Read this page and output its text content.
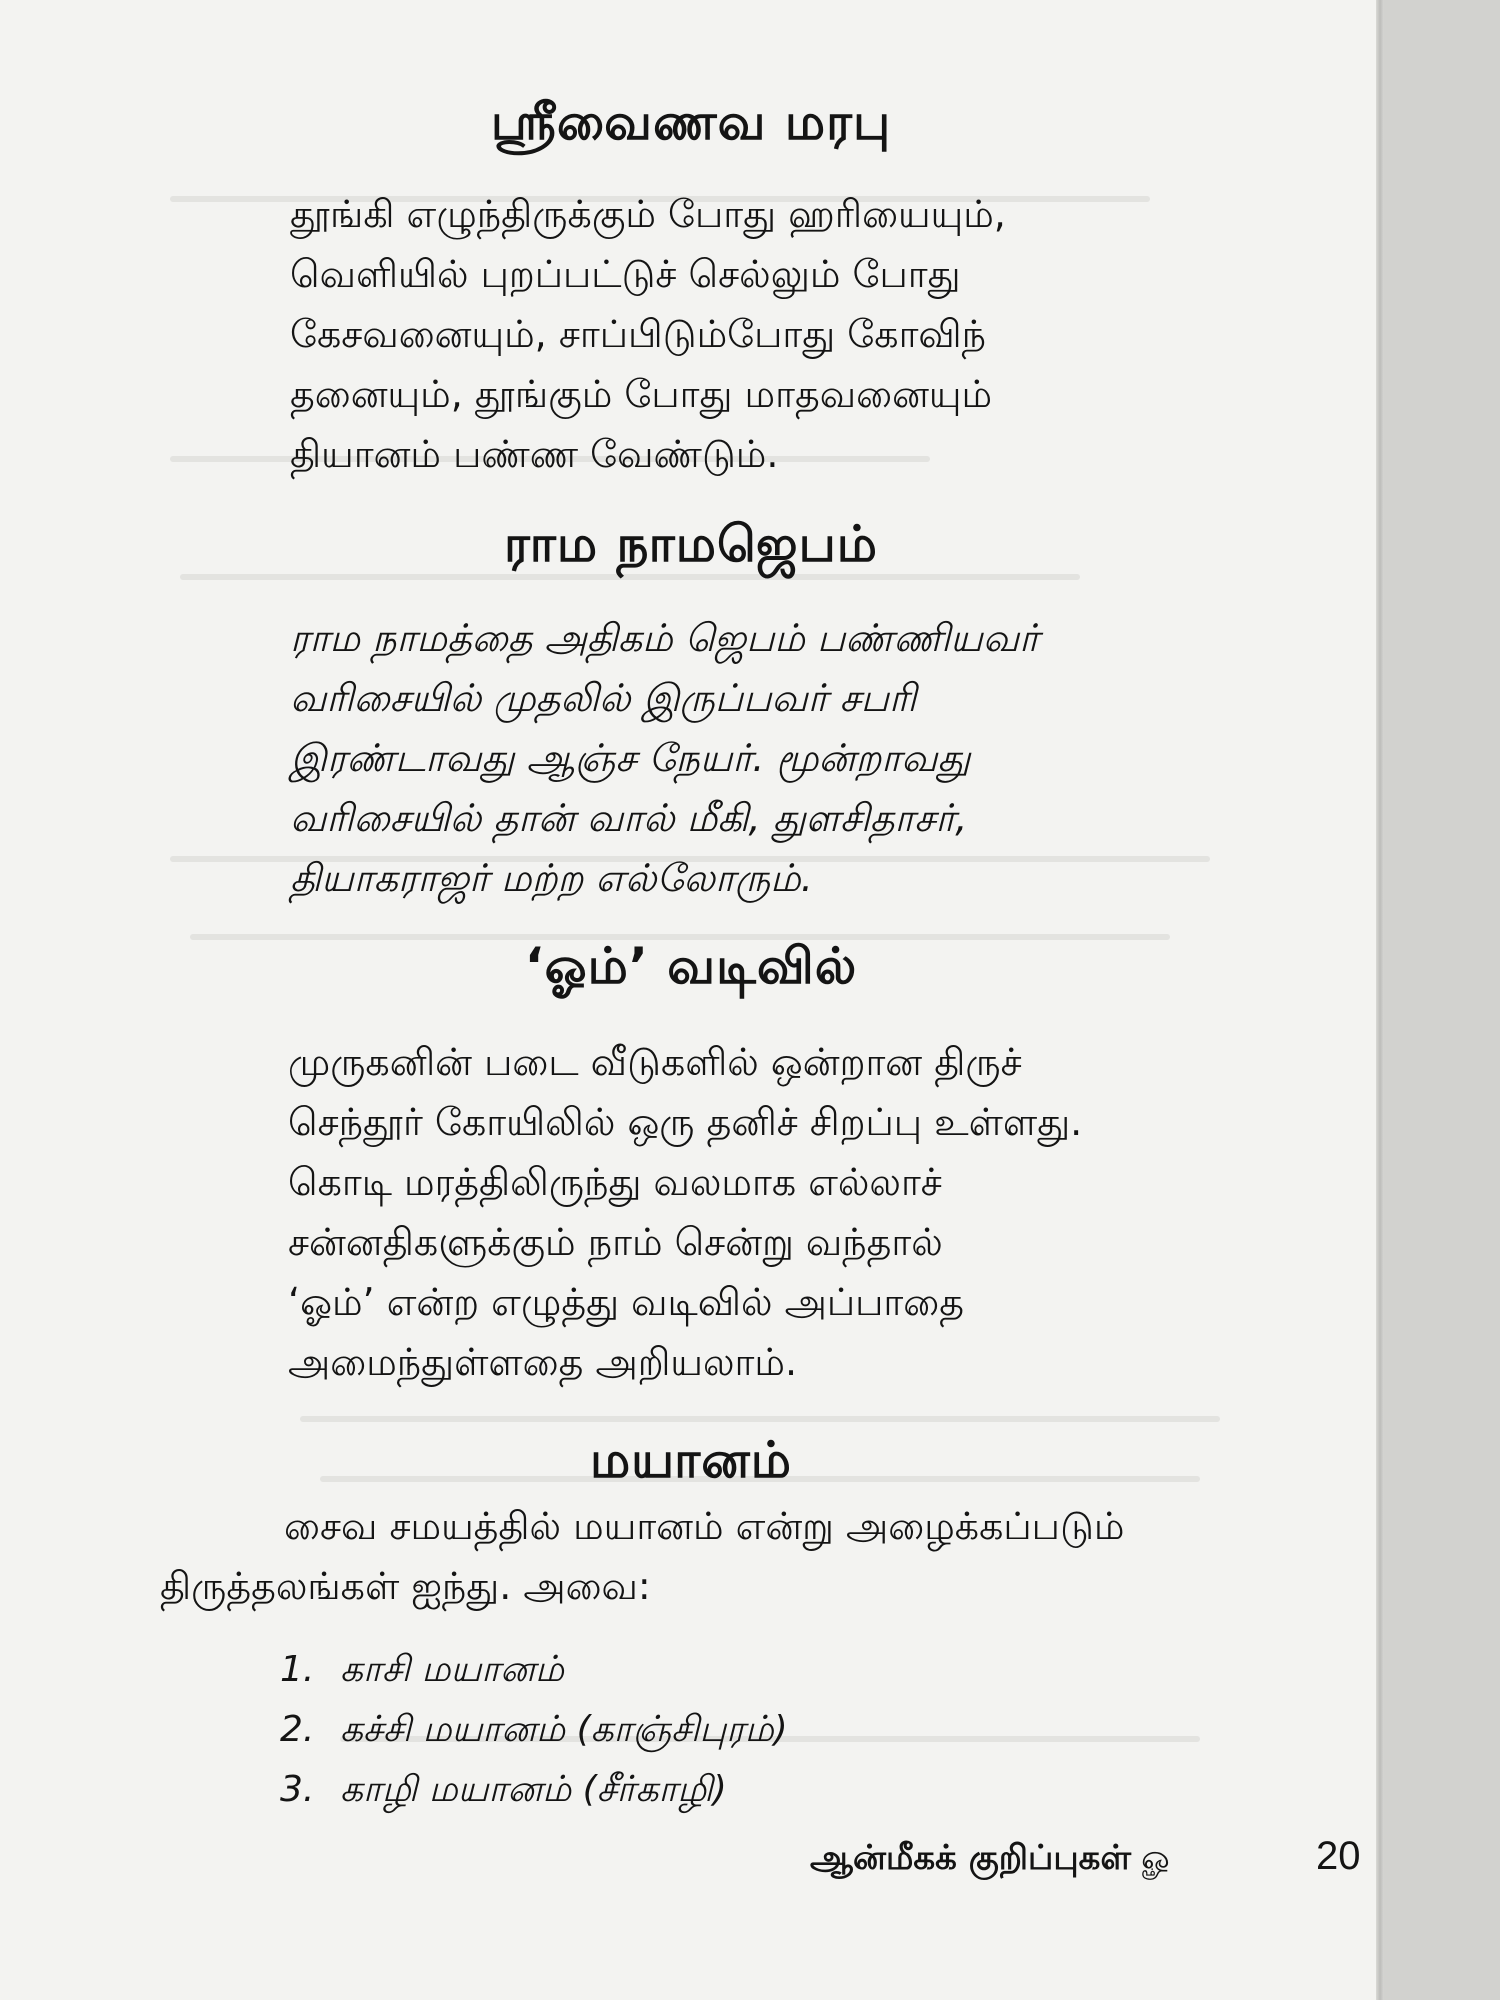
ஶ்ரீவைணவ மரபு
தூங்கி எழுந்திருக்கும் போது ஹரியையும்,
வெளியில் புறப்பட்டுச் செல்லும் போது
கேசவனையும், சாப்பிடும்போது கோவிந்
தனையும், தூங்கும் போது மாதவனையும்
தியானம் பண்ண வேண்டும்.
ராம நாமஜெபம்
ராம நாமத்தை அதிகம் ஜெபம் பண்ணியவர்
வரிசையில் முதலில் இருப்பவர் சபரி
இரண்டாவது ஆஞ்ச நேயர். மூன்றாவது
வரிசையில் தான் வால் மீகி, துளசிதாசர்,
தியாகராஜர் மற்ற எல்லோரும்.
‘ஓம்’ வடிவில்
முருகனின் படை வீடுகளில் ஒன்றான திருச்
செந்தூர் கோயிலில் ஒரு தனிச் சிறப்பு உள்ளது.
கொடி மரத்திலிருந்து வலமாக எல்லாச்
சன்னதிகளுக்கும் நாம் சென்று வந்தால்
‘ஓம்’ என்ற எழுத்து வடிவில் அப்பாதை
அமைந்துள்ளதை அறியலாம்.
மயானம்
சைவ சமயத்தில் மயானம் என்று அழைக்கப்படும்
திருத்தலங்கள் ஐந்து. அவை:
1. காசி மயானம்
2. கச்சி மயானம் (காஞ்சிபுரம்)
3. காழி மயானம் (சீர்காழி)
ஆன்மீகக் குறிப்புகள் ௐ	20
